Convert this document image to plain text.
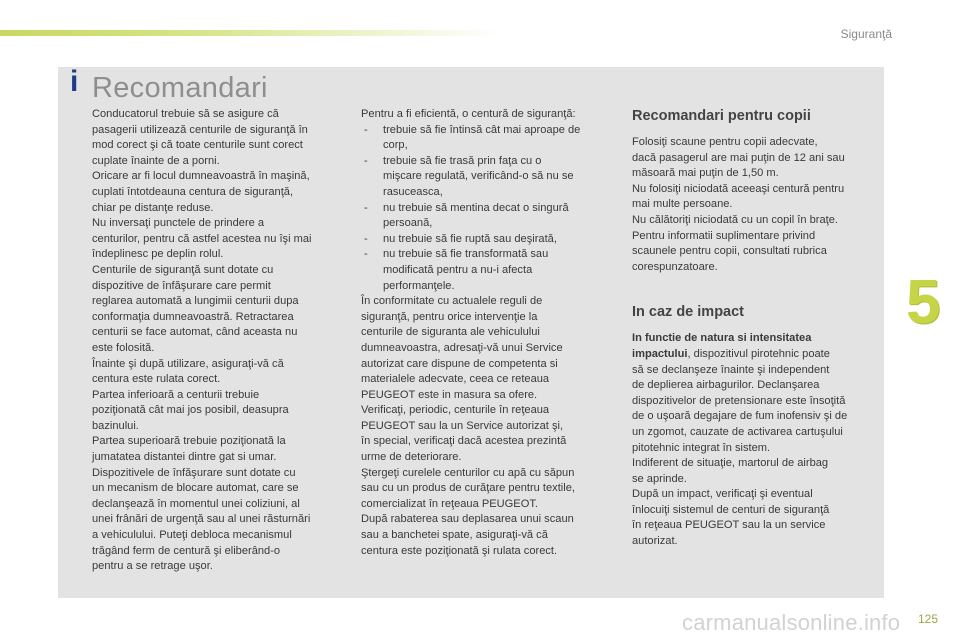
Siguranţă
i Recomandari
Conducatorul trebuie să se asigure că
pasagerii utilizează centurile de siguranţă în
mod corect şi că toate centurile sunt corect
cuplate înainte de a porni.
Oricare ar fi locul dumneavoastră în maşină,
cuplati întotdeauna centura de siguranţă,
chiar pe distanţe reduse.
Nu inversaţi punctele de prindere a
centurilor, pentru că astfel acestea nu îşi mai
îndeplinesc pe deplin rolul.
Centurile de siguranţă sunt dotate cu
dispozitive de înfăşurare care permit
reglarea automată a lungimii centurii dupa
conformaţia dumneavoastră. Retractarea
centurii se face automat, când aceasta nu
este folosită.
Înainte şi după utilizare, asiguraţi-vă că
centura este rulata corect.
Partea inferioară a centurii trebuie
poziţionată cât mai jos posibil, deasupra
bazinului.
Partea superioară trebuie poziţionată la
jumatatea distantei dintre gat si umar.
Dispozitivele de înfăşurare sunt dotate cu
un mecanism de blocare automat, care se
declanşează în momentul unei coliziuni, al
unei frânări de urgenţă sau al unei răsturnări
a vehiculului. Puteţi debloca mecanismul
trăgând ferm de centură şi eliberând-o
pentru a se retrage uşor.
Pentru a fi eficientă, o centură de siguranţă:
- trebuie să fie întinsă cât mai aproape de
corp,
- trebuie să fie trasă prin faţa cu o
mişcare regulată, verificând-o să nu se
rasuceasca,
- nu trebuie să mentina decat o singură
persoană,
- nu trebuie să fie ruptă sau deşirată,
- nu trebuie să fie transformată sau
modificată pentru a nu-i afecta
performanţele.
În conformitate cu actualele reguli de
siguranţă, pentru orice intervenţie la
centurile de siguranta ale vehiculului
dumneavoastra, adresaţi-vă unui Service
autorizat care dispune de competenta si
materialele adecvate, ceea ce reteaua
PEUGEOT este in masura sa ofere.
Verificaţi, periodic, centurile în reţeaua
PEUGEOT sau la un Service autorizat şi,
în special, verificaţi dacă acestea prezintă
urme de deteriorare.
Ştergeţi curelele centurilor cu apă cu săpun
sau cu un produs de curăţare pentru textile,
comercializat în reţeaua PEUGEOT.
După rabaterea sau deplasarea unui scaun
sau a banchetei spate, asiguraţi-vă că
centura este poziţionată şi rulata corect.
Recomandari pentru copii
Folosiţi scaune pentru copii adecvate,
dacă pasagerul are mai puţin de 12 ani sau
măsoară mai puţin de 1,50 m.
Nu folosiţi niciodată aceeaşi centură pentru
mai multe persoane.
Nu călătoriţi niciodată cu un copil în braţe.
Pentru informatii suplimentare privind
scaunele pentru copii, consultati rubrica
corespunzatoare.
In caz de impact
In functie de natura si intensitatea
impactului, dispozitivul pirotehnic poate
să se declanşeze înainte şi independent
de deplierea airbagurilor. Declanşarea
dispozitivelor de pretensionare este însoţită
de o uşoară degajare de fum inofensiv şi de
un zgomot, cauzate de activarea cartuşului
pitotehnic integrat în sistem.
Indiferent de situaţie, martorul de airbag
se aprinde.
După un impact, verificaţi şi eventual
înlocuiţi sistemul de centuri de siguranţă
în reţeaua PEUGEOT sau la un service
autorizat.
5
125
carmanualsonline.info
